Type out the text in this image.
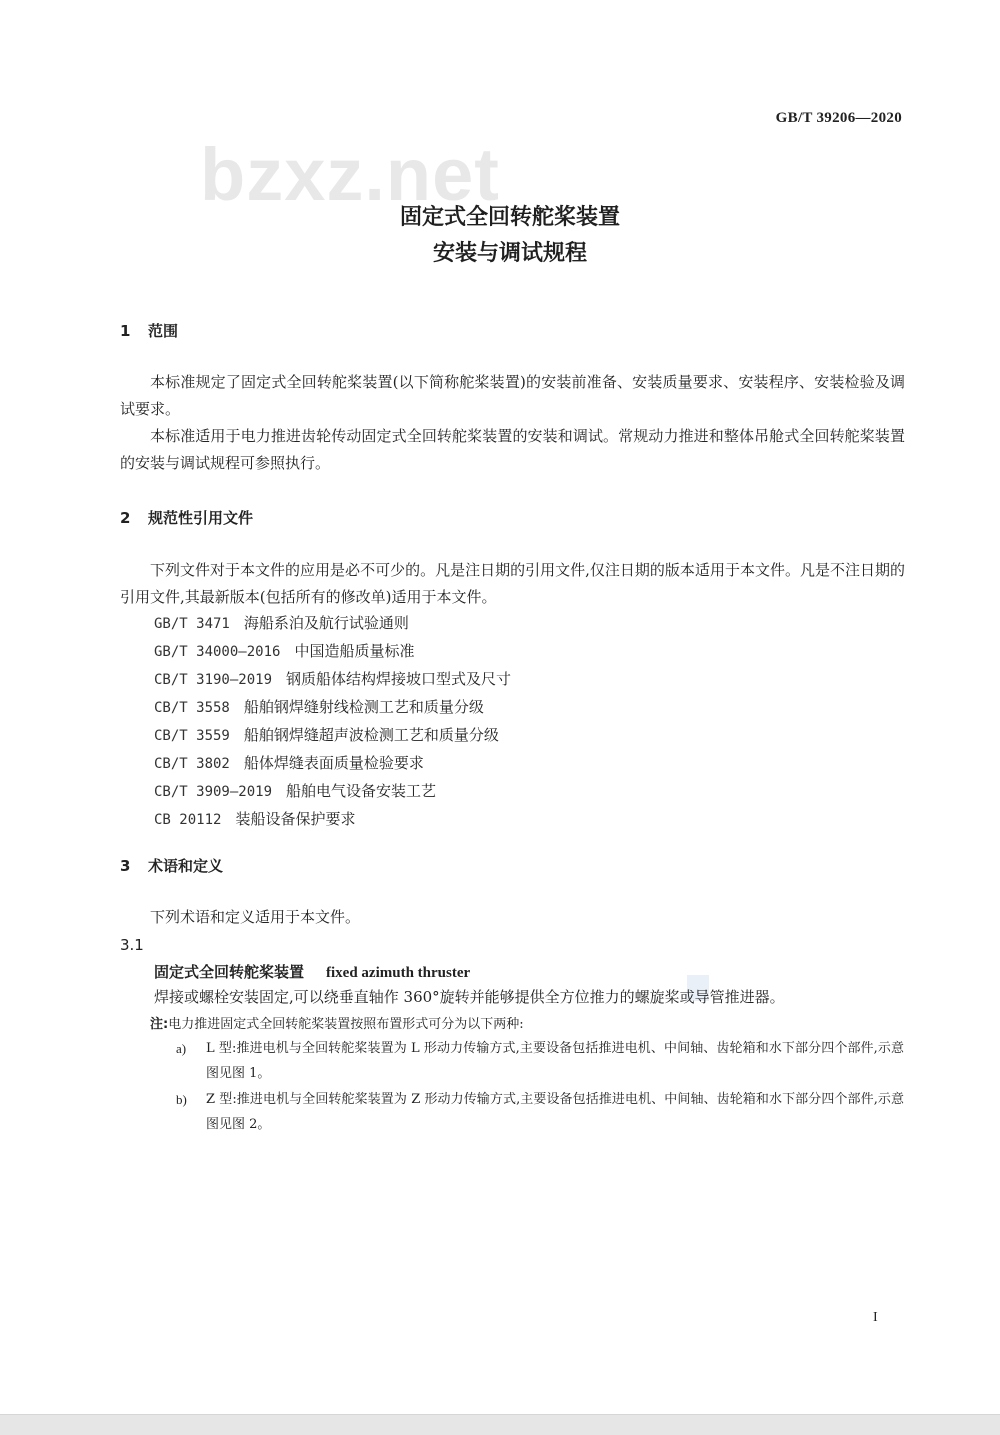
GB/T 39206—2020
bzxz.net
固定式全回转舵桨装置
安装与调试规程
1 范围

本标准规定了固定式全回转舵桨装置(以下简称舵桨装置)的安装前准备、安装质量要求、安装程序、安装检验及调试要求。

本标准适用于电力推进齿轮传动固定式全回转舵桨装置的安装和调试。常规动力推进和整体吊舱式全回转舵桨装置的安装与调试规程可参照执行。

2 规范性引用文件

下列文件对于本文件的应用是必不可少的。凡是注日期的引用文件,仅注日期的版本适用于本文件。凡是不注日期的引用文件,其最新版本(包括所有的修改单)适用于本文件。

GB/T 3471 海船系泊及航行试验通则
GB/T 34000—2016 中国造船质量标准
CB/T 3190—2019 钢质船体结构焊接坡口型式及尺寸
CB/T 3558 船舶钢焊缝射线检测工艺和质量分级
CB/T 3559 船舶钢焊缝超声波检测工艺和质量分级
CB/T 3802 船体焊缝表面质量检验要求
CB/T 3909—2019 船舶电气设备安装工艺
CB 20112 装船设备保护要求
3 术语和定义

下列术语和定义适用于本文件。

3.1
固定式全回转舵桨装置 fixed azimuth thruster

焊接或螺栓安装固定,可以绕垂直轴作 360°旋转并能够提供全方位推力的螺旋桨或导管推进器。

注:电力推进固定式全回转舵桨装置按照布置形式可分为以下两种:
a) L 型:推进电机与全回转舵桨装置为 L 形动力传输方式,主要设备包括推进电机、中间轴、齿轮箱和水下部分四个部件,示意图见图 1。
b) Z 型:推进电机与全回转舵桨装置为 Z 形动力传输方式,主要设备包括推进电机、中间轴、齿轮箱和水下部分四个部件,示意图见图 2。
I
